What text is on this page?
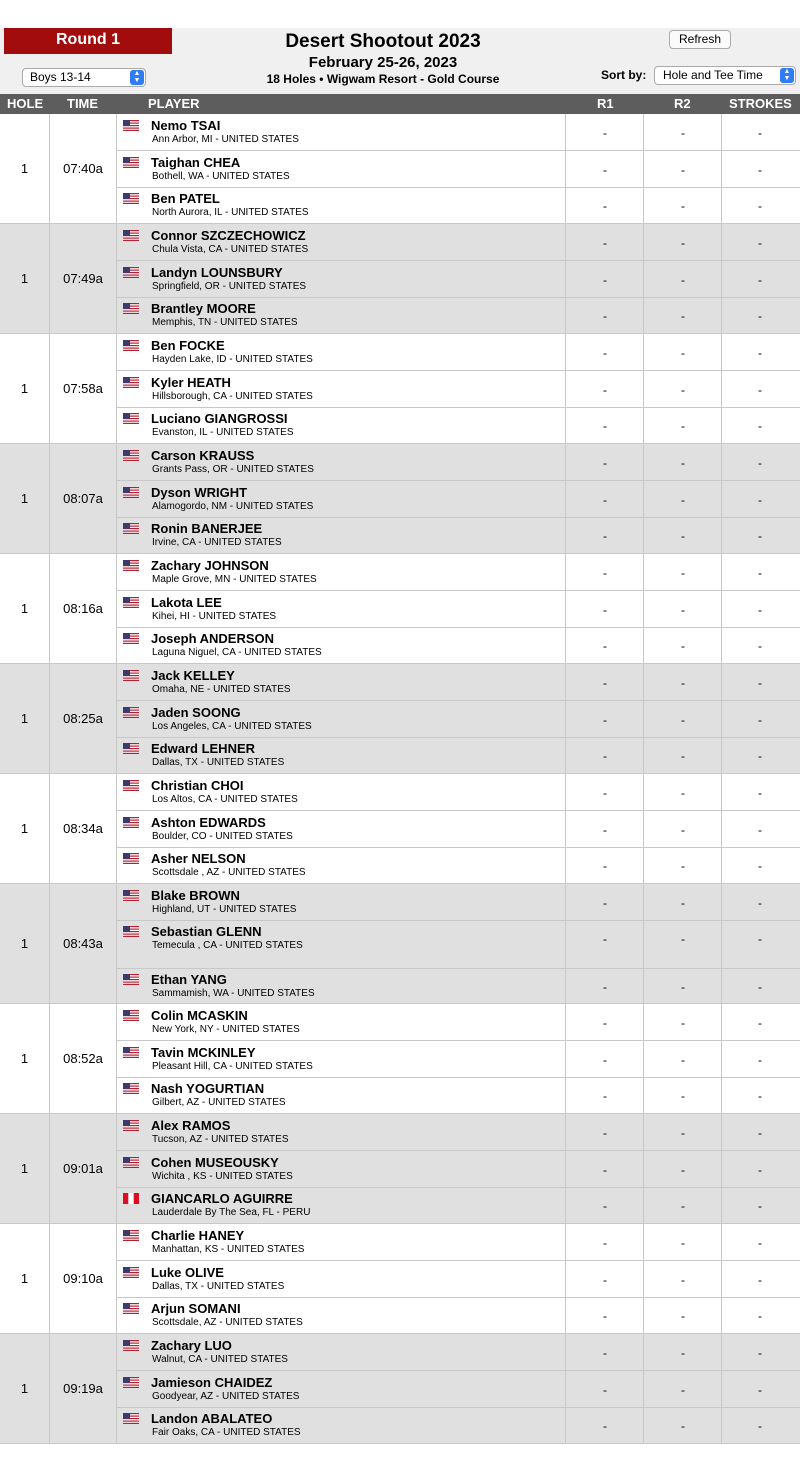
Round 1
Boys 13-14	▲
▼
Desert Shootout 2023
February 25-26, 2023
18 Holes • Wigwam Resort - Gold Course
Refresh
Sort by:	Hole and Tee Time	▲
▼
HOLE TIME	PLAYER	R1	R2	STROKES
1	07:40a
Nemo TSAI
Ann Arbor, MI - UNITED STATES	-	-	-
Taighan CHEA
Bothell, WA - UNITED STATES	-	-	-
Ben PATEL
North Aurora, IL - UNITED STATES	-	-	-
1	07:49a
Connor SZCZECHOWICZ
Chula Vista, CA - UNITED STATES	-	-	-
Landyn LOUNSBURY
Springfield, OR - UNITED STATES	-	-	-
Brantley MOORE
Memphis, TN - UNITED STATES	-	-	-
1	07:58a
Ben FOCKE
Hayden Lake, ID - UNITED STATES	-	-	-
Kyler HEATH
Hillsborough, CA - UNITED STATES	-	-	-
Luciano GIANGROSSI
Evanston, IL - UNITED STATES	-	-	-
1	08:07a
Carson KRAUSS
Grants Pass, OR - UNITED STATES	-	-	-
Dyson WRIGHT
Alamogordo, NM - UNITED STATES	-	-	-
Ronin BANERJEE
Irvine, CA - UNITED STATES	-	-	-
1	08:16a
Zachary JOHNSON
Maple Grove, MN - UNITED STATES	-	-	-
Lakota LEE
Kihei, HI - UNITED STATES	-	-	-
Joseph ANDERSON
Laguna Niguel, CA - UNITED STATES	-	-	-
1	08:25a
Jack KELLEY
Omaha, NE - UNITED STATES	-	-	-
Jaden SOONG
Los Angeles, CA - UNITED STATES	-	-	-
Edward LEHNER
Dallas, TX - UNITED STATES	-	-	-
1	08:34a
Christian CHOI
Los Altos, CA - UNITED STATES	-	-	-
Ashton EDWARDS
Boulder, CO - UNITED STATES	-	-	-
Asher NELSON
Scottsdale , AZ - UNITED STATES	-	-	-
1	08:43a
Blake BROWN
Highland, UT - UNITED STATES	-	-	-
Sebastian GLENN
Temecula , CA - UNITED STATES	-	-	-
Ethan YANG
Sammamish, WA - UNITED STATES	-	-	-
1	08:52a
Colin MCASKIN
New York, NY - UNITED STATES	-	-	-
Tavin MCKINLEY
Pleasant Hill, CA - UNITED STATES	-	-	-
Nash YOGURTIAN
Gilbert, AZ - UNITED STATES	-	-	-
1	09:01a
Alex RAMOS
Tucson, AZ - UNITED STATES	-	-	-
Cohen MUSEOUSKY
Wichita , KS - UNITED STATES	-	-	-
GIANCARLO AGUIRRE
Lauderdale By The Sea, FL - PERU	-	-	-
1	09:10a
Charlie HANEY
Manhattan, KS - UNITED STATES	-	-	-
Luke OLIVE
Dallas, TX - UNITED STATES	-	-	-
Arjun SOMANI
Scottsdale, AZ - UNITED STATES	-	-	-
1	09:19a
Zachary LUO
Walnut, CA - UNITED STATES	-	-	-
Jamieson CHAIDEZ
Goodyear, AZ - UNITED STATES	-	-	-
Landon ABALATEO
Fair Oaks, CA - UNITED STATES	-	-	-
